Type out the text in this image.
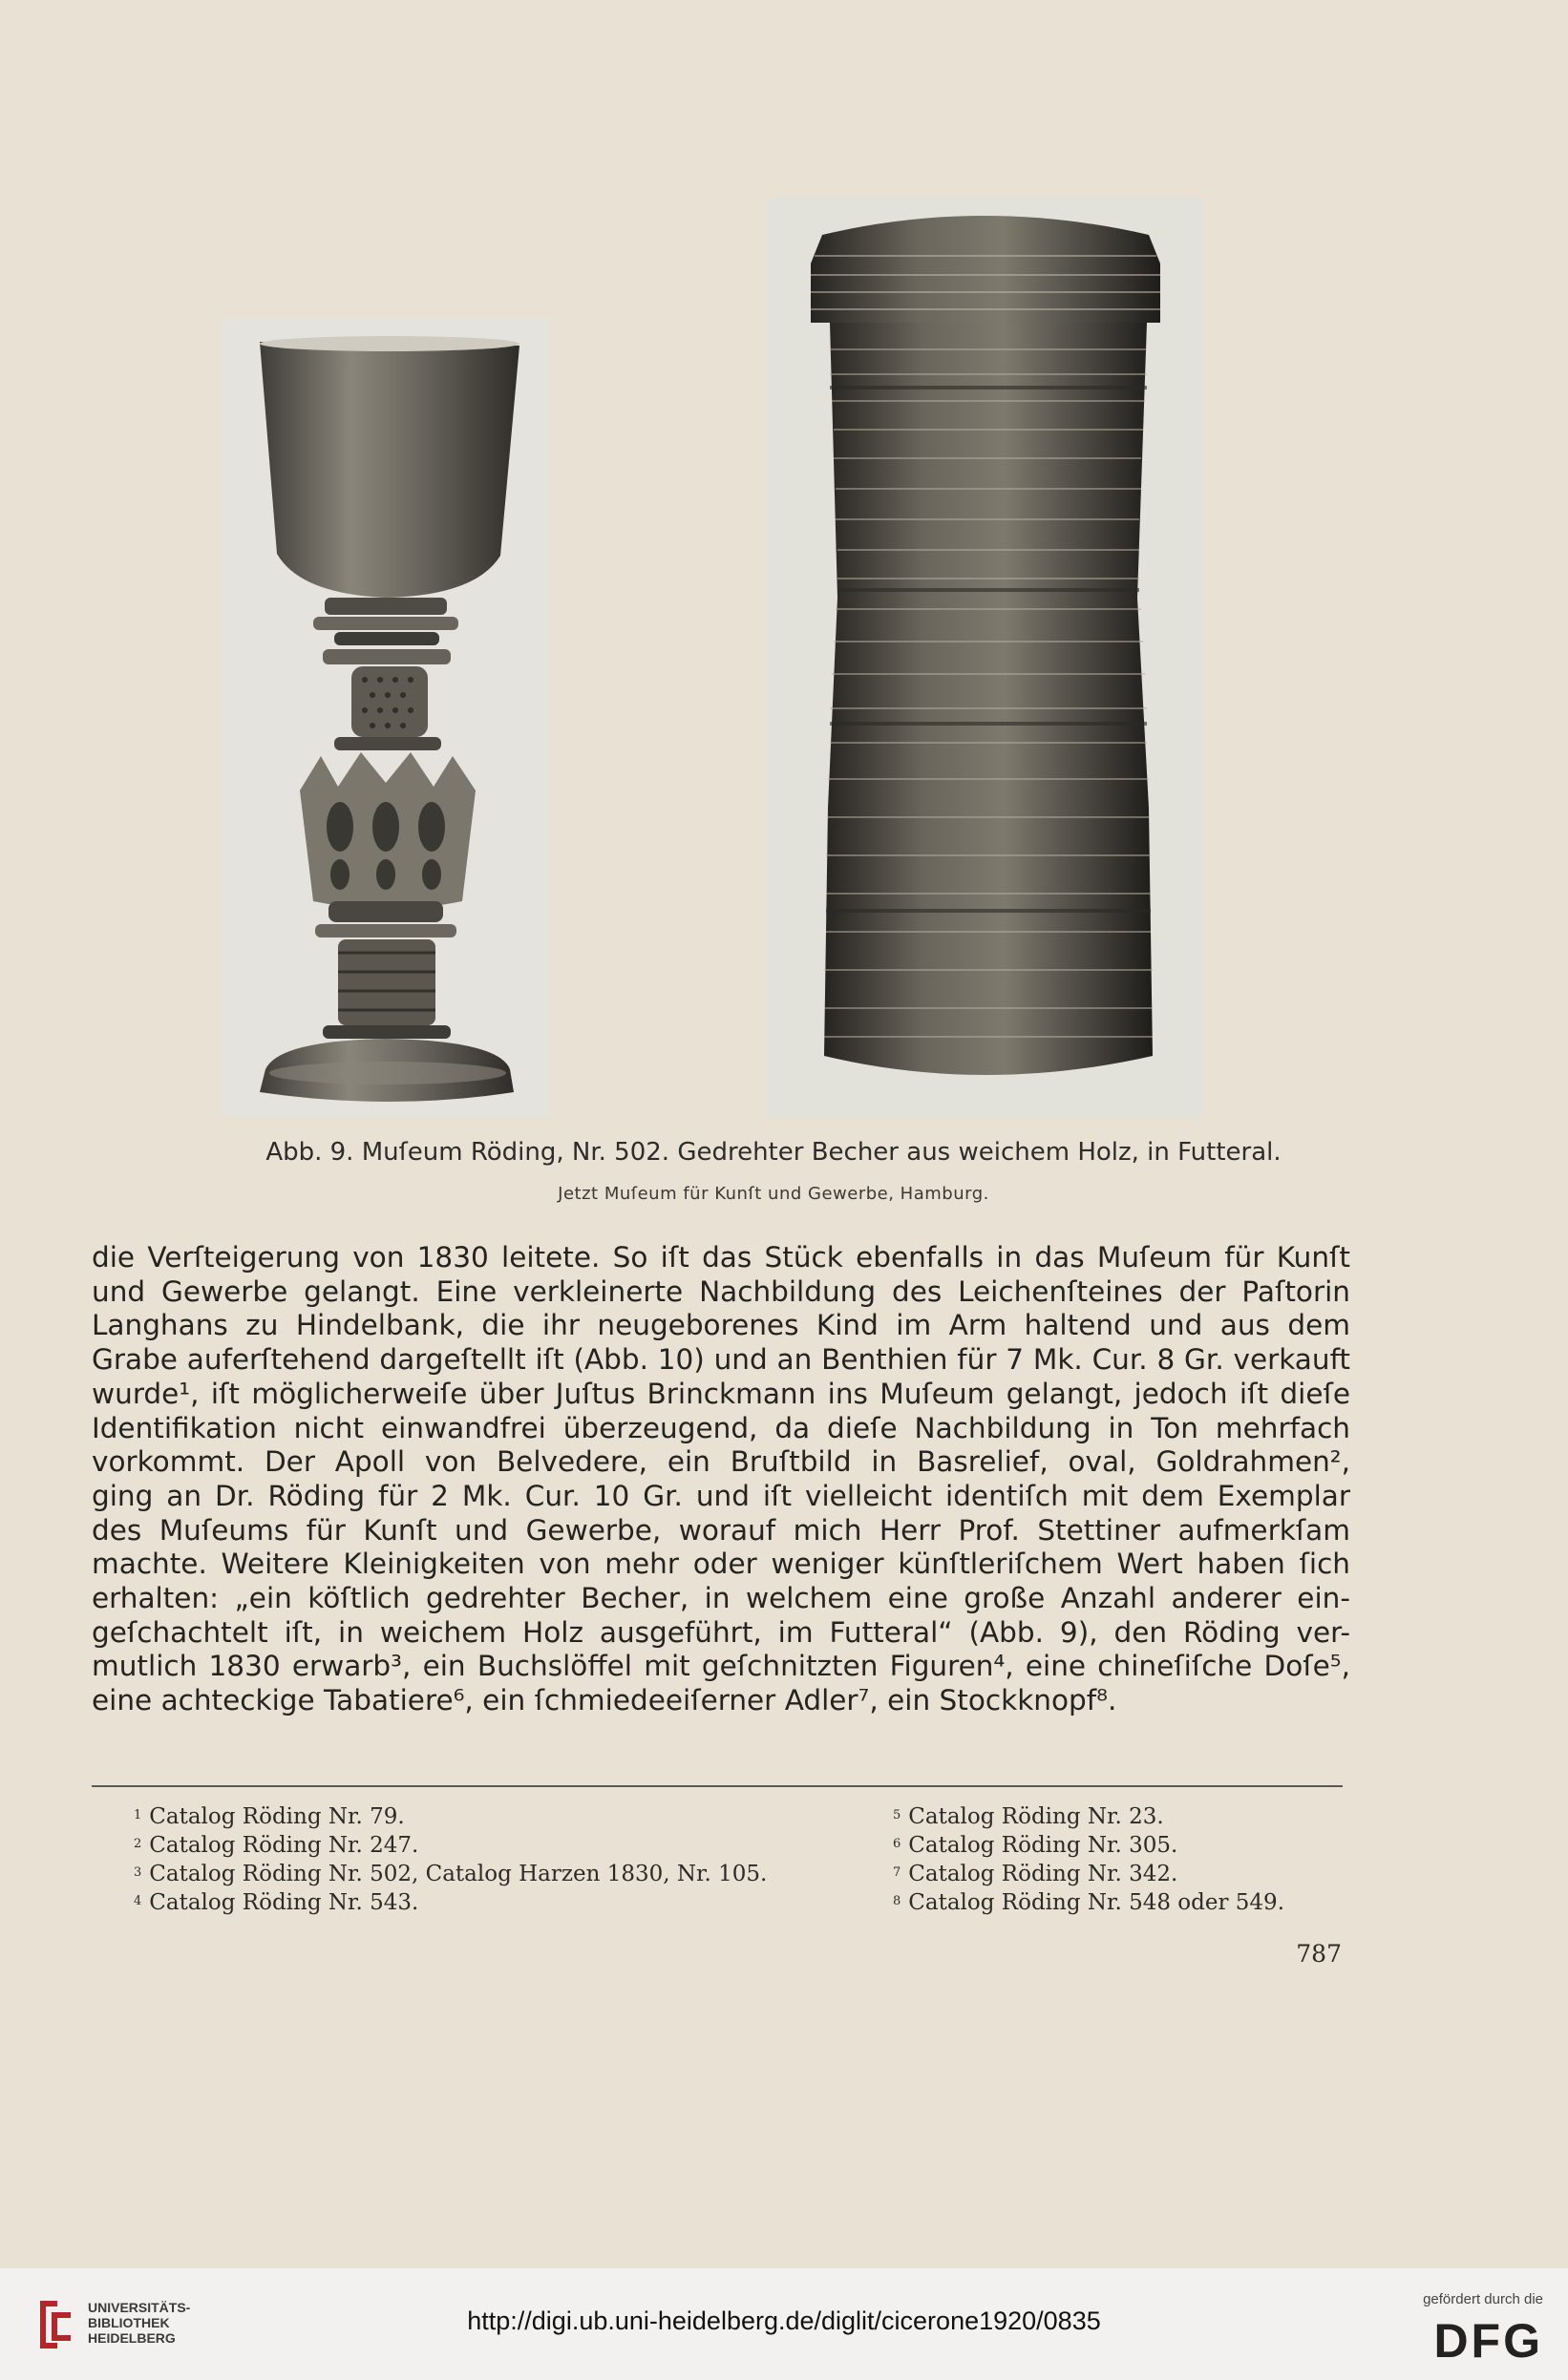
Abb. 9. Muſeum Röding, Nr. 502. Gedrehter Becher aus weichem Holz, in Futteral.
Jetzt Muſeum für Kunſt und Gewerbe, Hamburg.
die Verſteigerung von 1830 leitete. So iſt das Stück ebenfalls in das Muſeum für Kunſt
und Gewerbe gelangt. Eine verkleinerte Nachbildung des Leichenſteines der Paſtorin
Langhans zu Hindelbank, die ihr neugeborenes Kind im Arm haltend und aus dem
Grabe auferſtehend dargeſtellt iſt (Abb. 10) und an Benthien für 7 Mk. Cur. 8 Gr. verkauft
wurde¹, iſt möglicherweiſe über Juſtus Brinckmann ins Muſeum gelangt, jedoch iſt dieſe
Identifikation nicht einwandfrei überzeugend, da dieſe Nachbildung in Ton mehrfach
vorkommt. Der Apoll von Belvedere, ein Bruſtbild in Basrelief, oval, Goldrahmen²,
ging an Dr. Röding für 2 Mk. Cur. 10 Gr. und iſt vielleicht identiſch mit dem Exemplar
des Muſeums für Kunſt und Gewerbe, worauf mich Herr Prof. Stettiner aufmerkſam
machte. Weitere Kleinigkeiten von mehr oder weniger künſtleriſchem Wert haben ſich
erhalten: „ein köſtlich gedrehter Becher, in welchem eine große Anzahl anderer ein-
geſchachtelt iſt, in weichem Holz ausgeführt, im Futteral“ (Abb. 9), den Röding ver-
mutlich 1830 erwarb³, ein Buchslöffel mit geſchnitzten Figuren⁴, eine chineſiſche Doſe⁵,
eine achteckige Tabatiere⁶, ein ſchmiedeeiſerner Adler⁷, ein Stockknopf⁸.
$^1$ Catalog Röding Nr. 79.
$^2$ Catalog Röding Nr. 247.
$^3$ Catalog Röding Nr. 502, Catalog Harzen 1830, Nr. 105.
$^4$ Catalog Röding Nr. 543.
$^5$ Catalog Röding Nr. 23.
$^6$ Catalog Röding Nr. 305.
$^7$ Catalog Röding Nr. 342.
$^8$ Catalog Röding Nr. 548 oder 549.
787
UNIVERSITÄTS-
BIBLIOTHEK
HEIDELBERG
http://digi.ub.uni-heidelberg.de/diglit/cicerone1920/0835
gefördert durch die
DFG
